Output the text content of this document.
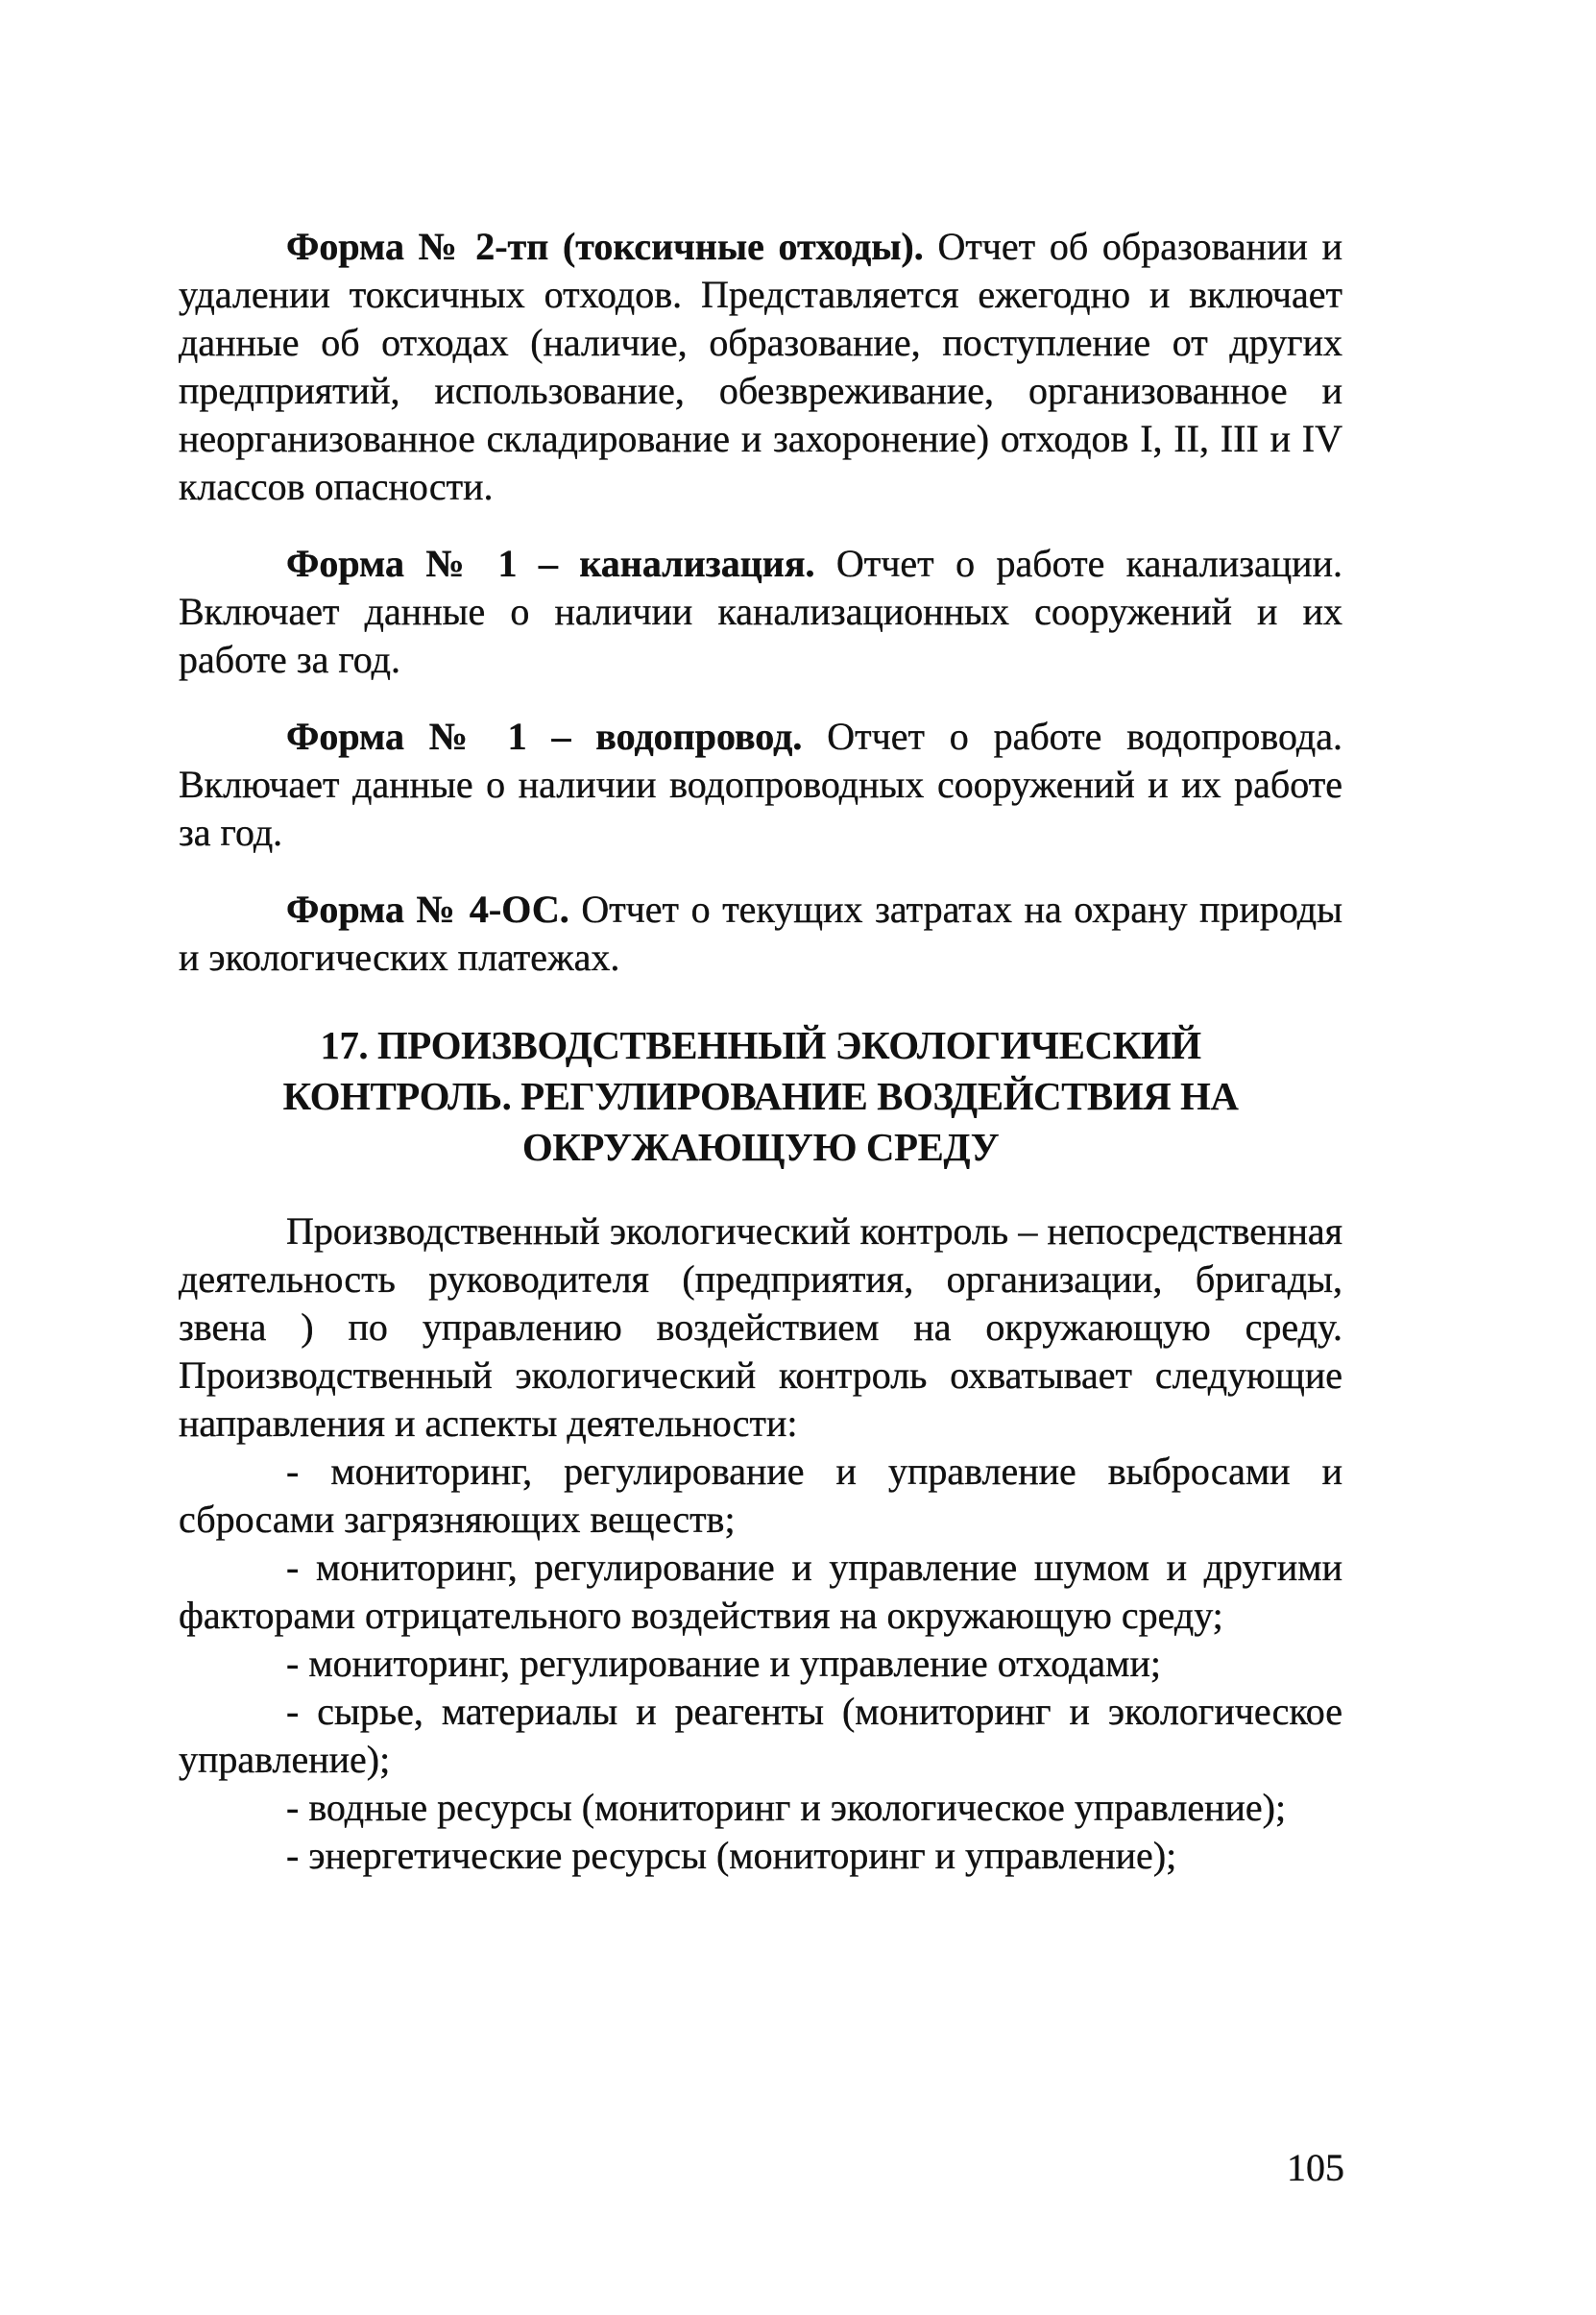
Форма № 2-тп (токсичные отходы). Отчет об образовании и удалении токсичных отходов. Представляется ежегодно и включает данные об отходах (наличие, образование, поступление от других предприятий, использование, обезвреживание, организованное и неорганизованное складирование и захоронение) отходов I, II, III и IV классов опасности.

Форма № 1 – канализация. Отчет о работе канализации. Включает данные о наличии канализационных сооружений и их работе за год.

Форма № 1 – водопровод. Отчет о работе водопровода. Включает данные о наличии водопроводных сооружений и их работе за год.

Форма № 4-ОС. Отчет о текущих затратах на охрану природы и экологических платежах.

17. ПРОИЗВОДСТВЕННЫЙ ЭКОЛОГИЧЕСКИЙ
КОНТРОЛЬ. РЕГУЛИРОВАНИЕ ВОЗДЕЙСТВИЯ НА
ОКРУЖАЮЩУЮ СРЕДУ

Производственный экологический контроль – непосредственная деятельность руководителя (предприятия, организации, бригады, звена ) по управлению воздействием на окружающую среду. Производственный экологический контроль охватывает следующие направления и аспекты деятельности:

- мониторинг, регулирование и управление выбросами и сбросами загрязняющих веществ;

- мониторинг, регулирование и управление шумом и другими факторами отрицательного воздействия на окружающую среду;

- мониторинг, регулирование и управление отходами;

- сырье, материалы и реагенты (мониторинг и экологическое управление);

- водные ресурсы (мониторинг и экологическое управление);

- энергетические ресурсы (мониторинг и управление);

105
